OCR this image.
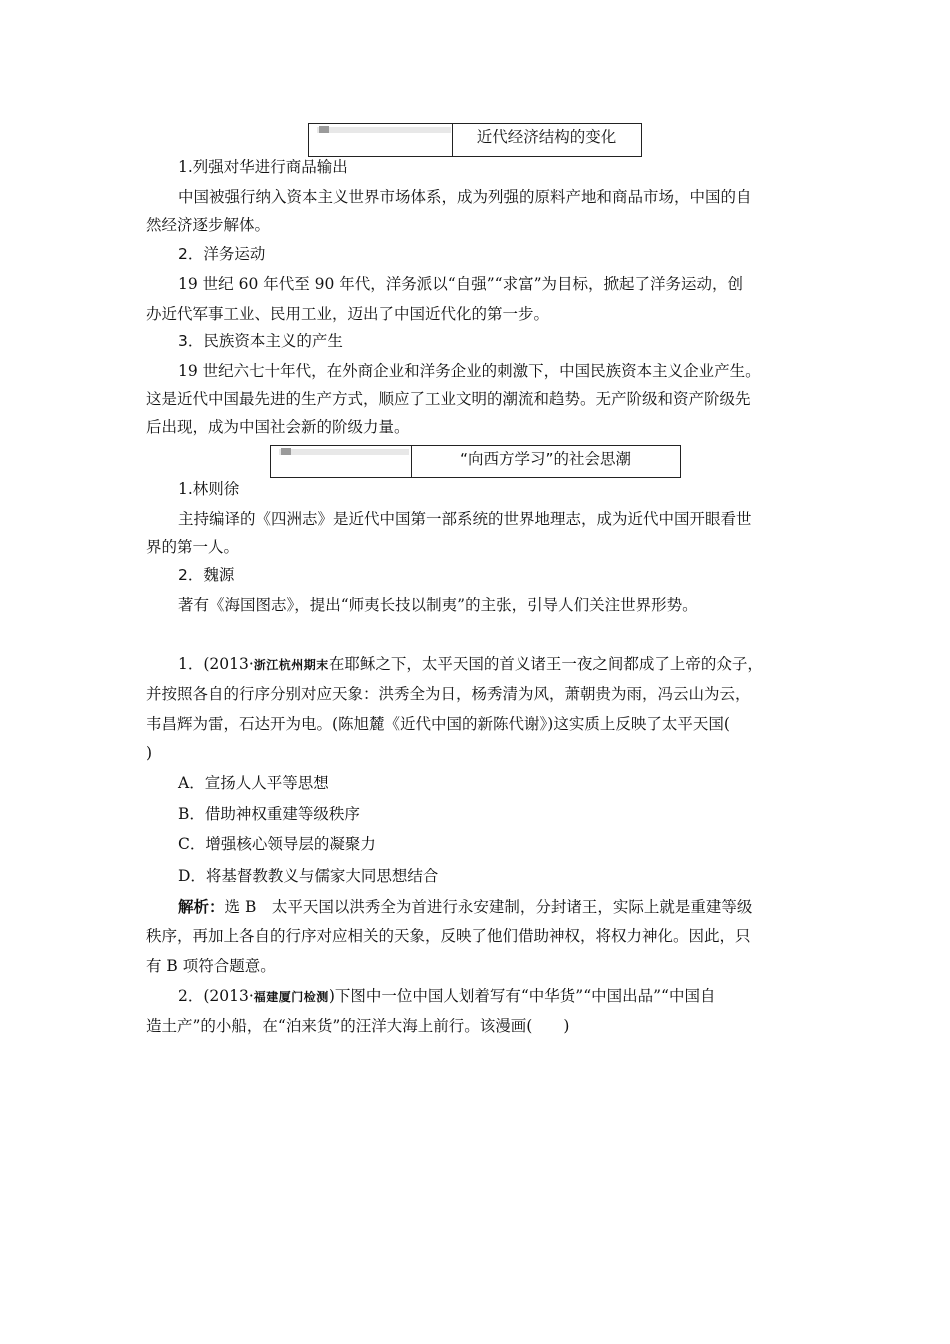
近代经济结构的变化
1.列强对华进行商品输出
中国被强行纳入资本主义世界市场体系，成为列强的原料产地和商品市场，中国的自
然经济逐步解体。
2．洋务运动
19 世纪 60 年代至 90 年代，洋务派以“自强”“求富”为目标，掀起了洋务运动，创
办近代军事工业、民用工业，迈出了中国近代化的第一步。
3．民族资本主义的产生
19 世纪六七十年代，在外商企业和洋务企业的刺激下，中国民族资本主义企业产生。
这是近代中国最先进的生产方式，顺应了工业文明的潮流和趋势。无产阶级和资产阶级先
后出现，成为中国社会新的阶级力量。
“向西方学习”的社会思潮
1.林则徐
主持编译的《四洲志》是近代中国第一部系统的世界地理志，成为近代中国开眼看世
界的第一人。
2．魏源
著有《海国图志》，提出“师夷长技以制夷”的主张，引导人们关注世界形势。
1．(2013·浙江杭州期末在耶稣之下，太平天国的首义诸王一夜之间都成了上帝的众子，
并按照各自的行序分别对应天象：洪秀全为日，杨秀清为风，萧朝贵为雨，冯云山为云，
韦昌辉为雷，石达开为电。(陈旭麓《近代中国的新陈代谢》)这实质上反映了太平天国(
)
A．宣扬人人平等思想
B．借助神权重建等级秩序
C．增强核心领导层的凝聚力
D．将基督教教义与儒家大同思想结合
解析：选 B　太平天国以洪秀全为首进行永安建制，分封诸王，实际上就是重建等级
秩序，再加上各自的行序对应相关的天象，反映了他们借助神权，将权力神化。因此，只
有 B 项符合题意。
2．(2013·福建厦门检测)下图中一位中国人划着写有“中华货”“中国出品”“中国自
造土产”的小船，在“泊来货”的汪洋大海上前行。该漫画(　　)
